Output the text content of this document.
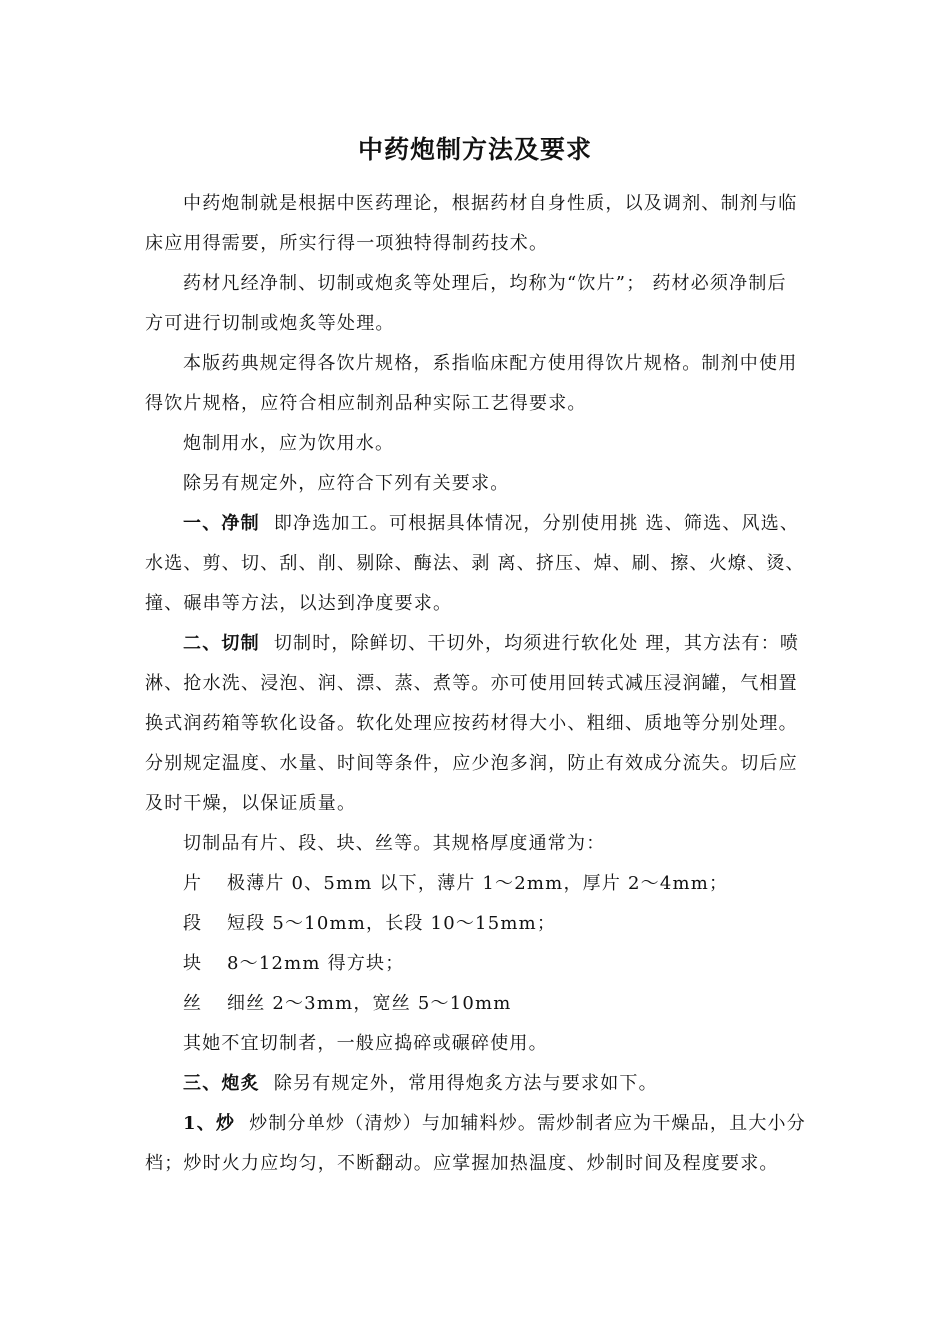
中药炮制方法及要求
中药炮制就是根据中医药理论，根据药材自身性质，以及调剂、制剂与临
床应用得需要，所实行得一项独特得制药技术。
药材凡经净制、切制或炮炙等处理后，均称为“饮片”； 药材必须净制后
方可进行切制或炮炙等处理。
本版药典规定得各饮片规格，系指临床配方使用得饮片规格。制剂中使用
得饮片规格，应符合相应制剂品种实际工艺得要求。
炮制用水，应为饮用水。
除另有规定外，应符合下列有关要求。
一、净制 即净选加工。可根据具体情况，分别使用挑 选、筛选、风选、
水选、剪、切、刮、削、剔除、酶法、剥 离、挤压、焯、刷、擦、火燎、烫、
撞、碾串等方法，以达到净度要求。
二、切制 切制时，除鲜切、干切外，均须进行软化处 理，其方法有：喷
淋、抢水洗、浸泡、润、漂、蒸、煮等。亦可使用回转式减压浸润罐，气相置
换式润药箱等软化设备。软化处理应按药材得大小、粗细、质地等分别处理。
分别规定温度、水量、时间等条件，应少泡多润，防止有效成分流失。切后应
及时干燥，以保证质量。
切制品有片、段、块、丝等。其规格厚度通常为：
片 极薄片 0、5mm 以下，薄片 1～2mm，厚片 2～4mm；
段 短段 5～10mm，长段 10～15mm；
块 8～12mm 得方块；
丝 细丝 2～3mm，宽丝 5～10mm
其她不宜切制者，一般应捣碎或碾碎使用。
三、炮炙 除另有规定外，常用得炮炙方法与要求如下。
1、炒 炒制分单炒（清炒）与加辅料炒。需炒制者应为干燥品，且大小分
档；炒时火力应均匀，不断翻动。应掌握加热温度、炒制时间及程度要求。
